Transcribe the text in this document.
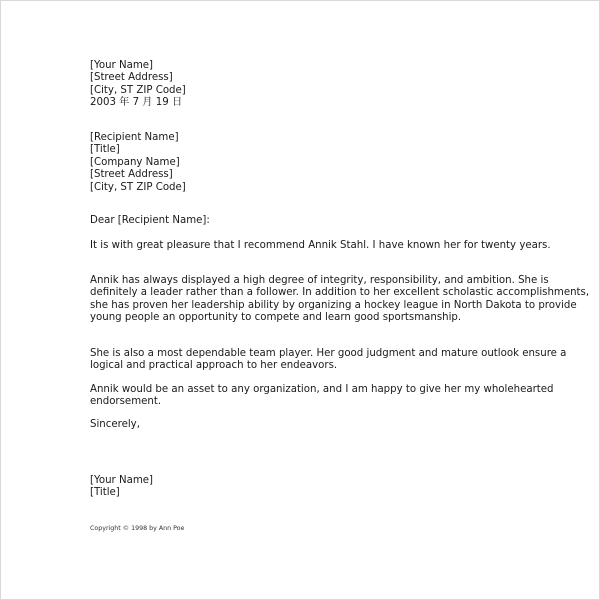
[Your Name]
[Street Address]
[City, ST ZIP Code]
2003 年 7 月 19 日
[Recipient Name]
[Title]
[Company Name]
[Street Address]
[City, ST ZIP Code]
Dear [Recipient Name]:
It is with great pleasure that I recommend Annik Stahl. I have known her for twenty years.
Annik has always displayed a high degree of integrity, responsibility, and ambition. She is definitely a leader rather than a follower. In addition to her excellent scholastic accomplishments, she has proven her leadership ability by organizing a hockey league in North Dakota to provide young people an opportunity to compete and learn good sportsmanship.
She is also a most dependable team player. Her good judgment and mature outlook ensure a logical and practical approach to her endeavors.
Annik would be an asset to any organization, and I am happy to give her my wholehearted endorsement.
Sincerely,
[Your Name]
[Title]
Copyright © 1998 by Ann Poe
